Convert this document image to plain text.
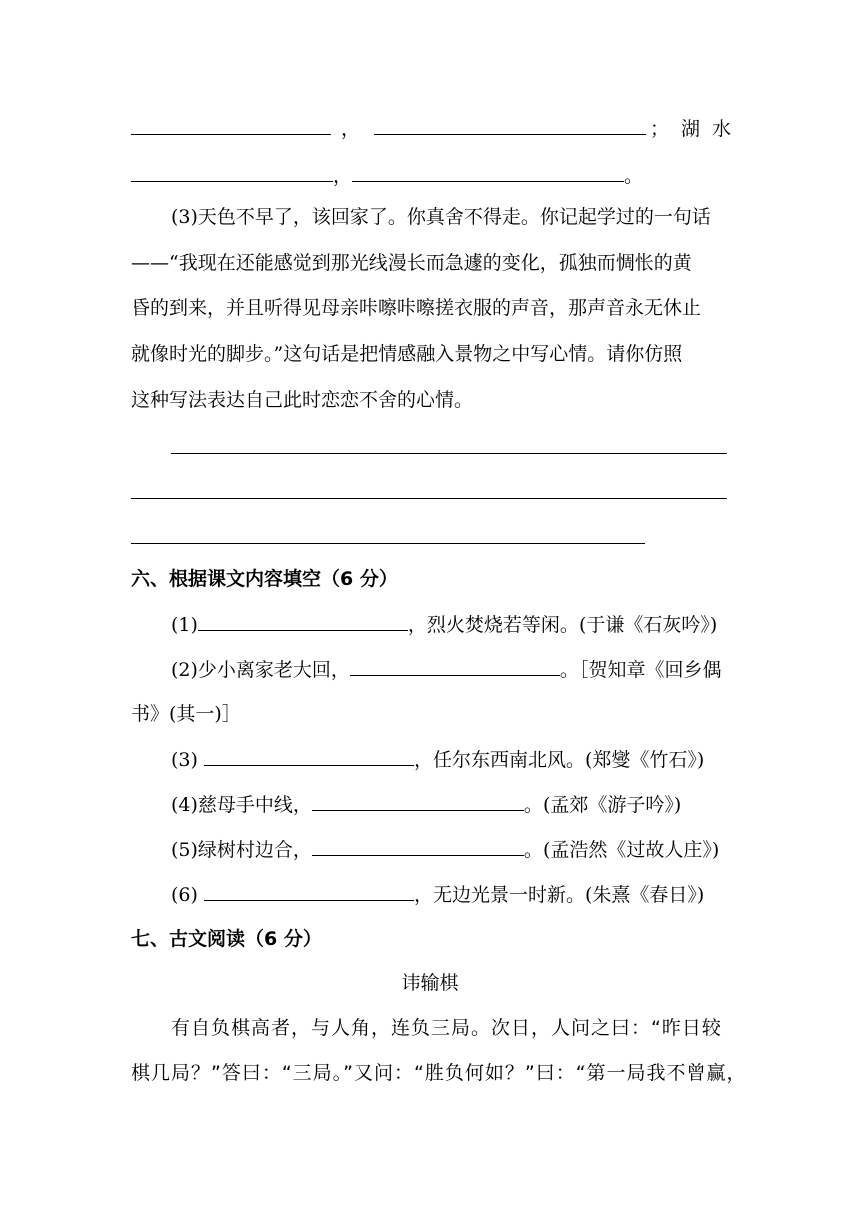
，	； 湖 水
，	。
(3)天色不早了，该回家了。你真舍不得走。你记起学过的一句话
——“我现在还能感觉到那光线漫长而急遽的变化，孤独而惆怅的黄
昏的到来，并且听得见母亲咔嚓咔嚓搓衣服的声音，那声音永无休止
就像时光的脚步。”这句话是把情感融入景物之中写心情。请你仿照
这种写法表达自己此时恋恋不舍的心情。
六、根据课文内容填空（6 分）
(1)	，烈火焚烧若等闲。(于谦《石灰吟》)
(2)少小离家老大回，	。［贺知章《回乡偶
书》(其一)］
(3)	，任尔东西南北风。(郑燮《竹石》)
(4)慈母手中线，	。(孟郊《游子吟》)
(5)绿树村边合，	。(孟浩然《过故人庄》)
(6)	，无边光景一时新。(朱熹《春日》)
七、古文阅读（6 分）
讳输棋
有自负棋高者，与人角，连负三局。次日，人问之曰：“昨日较
棋几局？”答曰：“三局。”又问：“胜负何如？”曰：“第一局我不曾赢，
